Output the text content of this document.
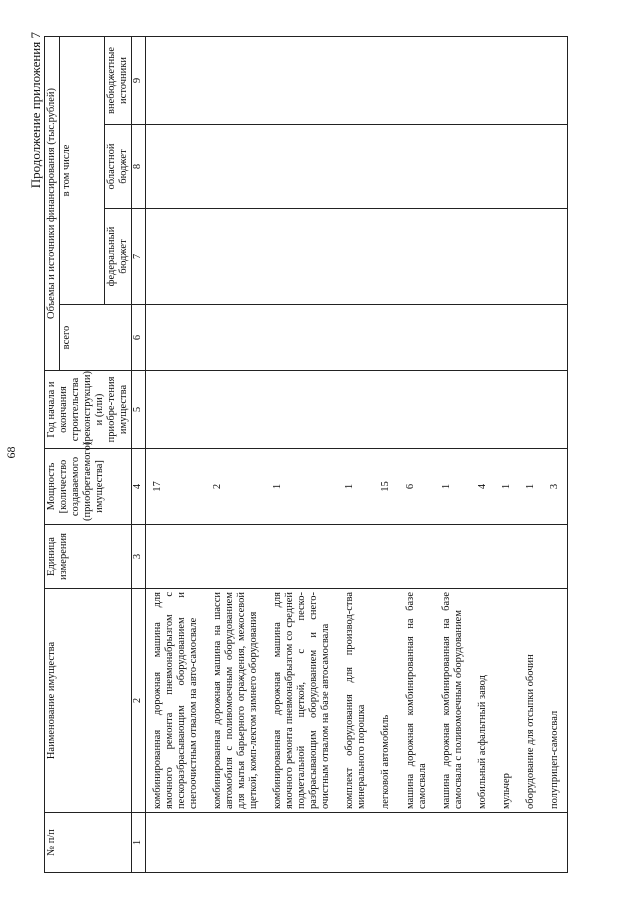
68
Продолжение приложения 7
№ п/п	Наименование имущества	Единица измерения	Мощность [количество создаваемого (приобретаемого) имущества]	Год начала и окончания строительства (реконструкции) и (или) приобре-тения имущества	Объемы и источники финансирования (тыс.рублей)			
					всего	в том числе		
						федеральный бюджет	областной бюджет	внебюджетные источники
1	2	3	4	5	6	7	8	9
	комбинированная дорожная машина для ямочного ремонта пневмонабрызгом с пескоразбрасывающим оборудованием и снегоочистным отвалом на авто-самосвале		17					
	комбинированная дорожная машина на шасси автомобиля с поливомоечным оборудованием для мытья барьерного ограждения, межосевой щеткой, комп-лектом зимнего оборудования		2					
	комбинированная дорожная машина для ямочного ремонта пневмонабрызгом со средней подметальной щеткой, с песко-разбрасывающим оборудованием и снего-очистным отвалом на базе автосамосвала		1					
	комплект оборудования для производ-ства минерального порошка		1					
	легковой автомобиль		15					
	машина дорожная комбинированная на базе самосвала		6					
	машина дорожная комбинированная на базе самосвала с поливомоечным оборудованием		1					
	мобильный асфальтный завод		4					
	мульчер		1					
	оборудование для отсыпки обочин		1					
	полуприцеп-самосвал		3					
